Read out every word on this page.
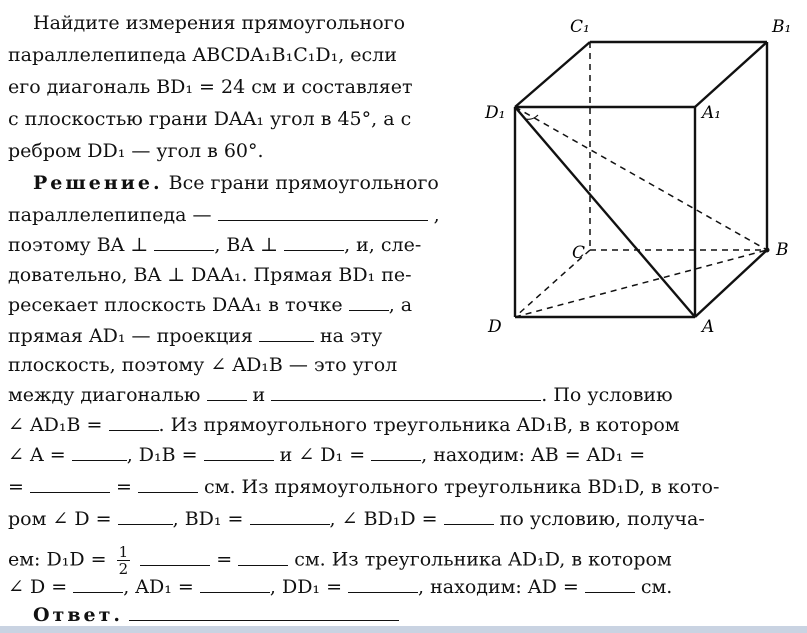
Найдите измерения прямоугольного
параллелепипеда ABCDA₁B₁C₁D₁, если
его диагональ BD₁ = 24 см и составляет
с плоскостью грани DAA₁ угол в 45°, а с
ребром DD₁ — угол в 60°.
Решение. Все грани прямоугольного
параллелепипеда —	,
поэтому BA ⊥	, BA ⊥	, и, сле-
довательно, BA ⊥ DAA₁. Прямая BD₁ пе-
ресекает плоскость DAA₁ в точке , а
прямая AD₁ — проекция	на эту
плоскость, поэтому ∠ AD₁B — это угол
между диагональю	и	. По условию
∠ AD₁B =	. Из прямоугольного треугольника AD₁B, в котором
∠ A =	, D₁B =	и ∠ D₁ =	, находим: AB = AD₁ =
=	=	см. Из прямоугольного треугольника BD₁D, в кото-
ром ∠ D =	, BD₁ =	, ∠ BD₁D =	по условию, получа-
ем: $D_1D = \frac{1}{2}$	=	см. Из треугольника AD₁D, в котором
∠ D =	, AD₁ =	, DD₁ =	, находим: AD =	см.
Ответ.
C₁	B₁
D₁	A₁
C	B
D	A
